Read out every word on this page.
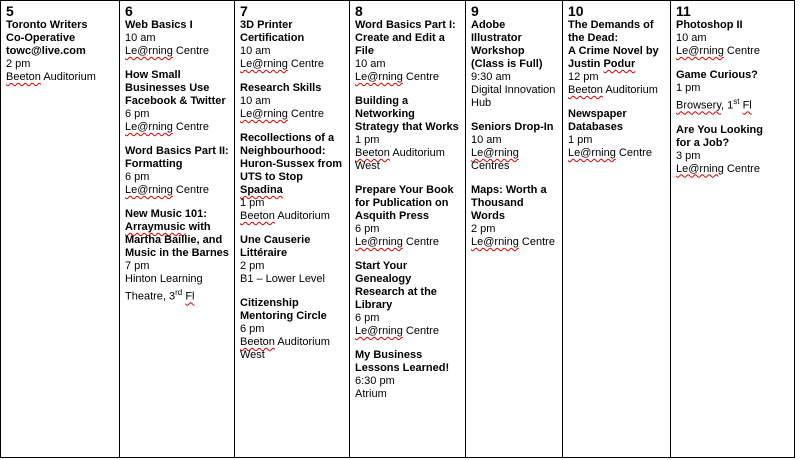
5
Toronto Writers
Co-Operative
towc@live.com
2 pm
Beeton Auditorium
6
Web Basics I
10 am
Le@rning Centre
How Small
Businesses Use
Facebook & Twitter
6 pm
Le@rning Centre
Word Basics Part II:
Formatting
6 pm
Le@rning Centre
New Music 101:
Arraymusic with
Martha Baillie, and
Music in the Barnes
7 pm
Hinton Learning
Theatre, 3rd Fl
7
3D Printer
Certification
10 am
Le@rning Centre
Research Skills
10 am
Le@rning Centre
Recollections of a
Neighbourhood:
Huron-Sussex from
UTS to Stop
Spadina
1 pm
Beeton Auditorium
Une Causerie
Littéraire
2 pm
B1 – Lower Level
Citizenship
Mentoring Circle
6 pm
Beeton Auditorium
West
8
Word Basics Part I:
Create and Edit a
File
10 am
Le@rning Centre
Building a
Networking
Strategy that Works
1 pm
Beeton Auditorium
West
Prepare Your Book
for Publication on
Asquith Press
6 pm
Le@rning Centre
Start Your
Genealogy
Research at the
Library
6 pm
Le@rning Centre
My Business
Lessons Learned!
6:30 pm
Atrium
9
Adobe Illustrator
Workshop
(Class is Full)
9:30 am
Digital Innovation
Hub
Seniors Drop-In
10 am
Le@rning Centres
Maps: Worth a
Thousand Words
2 pm
Le@rning Centre
10
The Demands of
the Dead:
A Crime Novel by
Justin Podur
12 pm
Beeton Auditorium
Newspaper
Databases
1 pm
Le@rning Centre
11
Photoshop II
10 am
Le@rning Centre
Game Curious?
1 pm
Browsery, 1st Fl
Are You Looking
for a Job?
3 pm
Le@rning Centre
